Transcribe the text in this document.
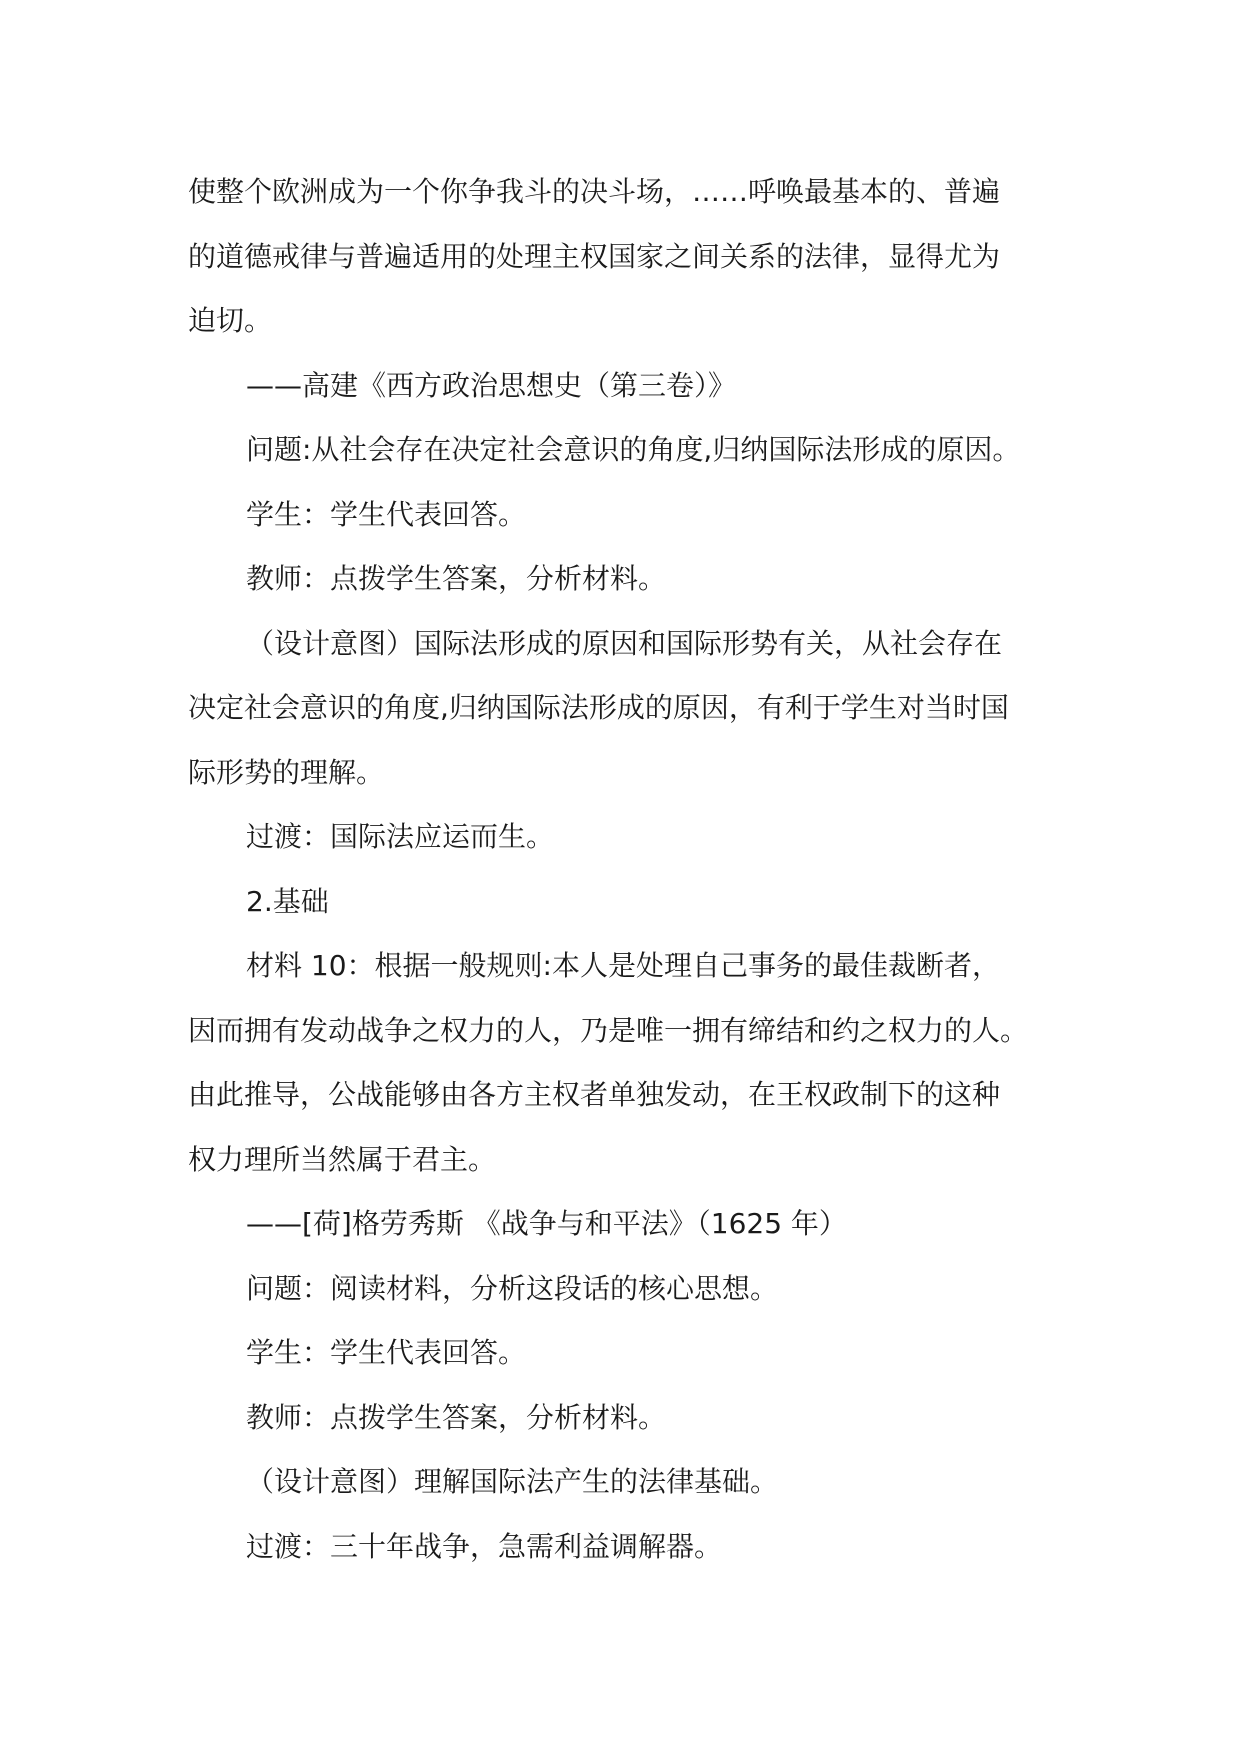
使整个欧洲成为一个你争我斗的决斗场，……呼唤最基本的、普遍
的道德戒律与普遍适用的处理主权国家之间关系的法律，显得尤为
迫切。
——高建《西方政治思想史（第三卷）》
问题:从社会存在决定社会意识的角度,归纳国际法形成的原因。
学生：学生代表回答。
教师：点拨学生答案，分析材料。
（设计意图）国际法形成的原因和国际形势有关，从社会存在
决定社会意识的角度,归纳国际法形成的原因，有利于学生对当时国
际形势的理解。
过渡：国际法应运而生。
2.基础
材料 10：根据一般规则:本人是处理自己事务的最佳裁断者，
因而拥有发动战争之权力的人，乃是唯一拥有缔结和约之权力的人。
由此推导，公战能够由各方主权者单独发动，在王权政制下的这种
权力理所当然属于君主。
——[荷]格劳秀斯 《战争与和平法》（1625 年）
问题：阅读材料，分析这段话的核心思想。
学生：学生代表回答。
教师：点拨学生答案，分析材料。
（设计意图）理解国际法产生的法律基础。
过渡：三十年战争，急需利益调解器。
